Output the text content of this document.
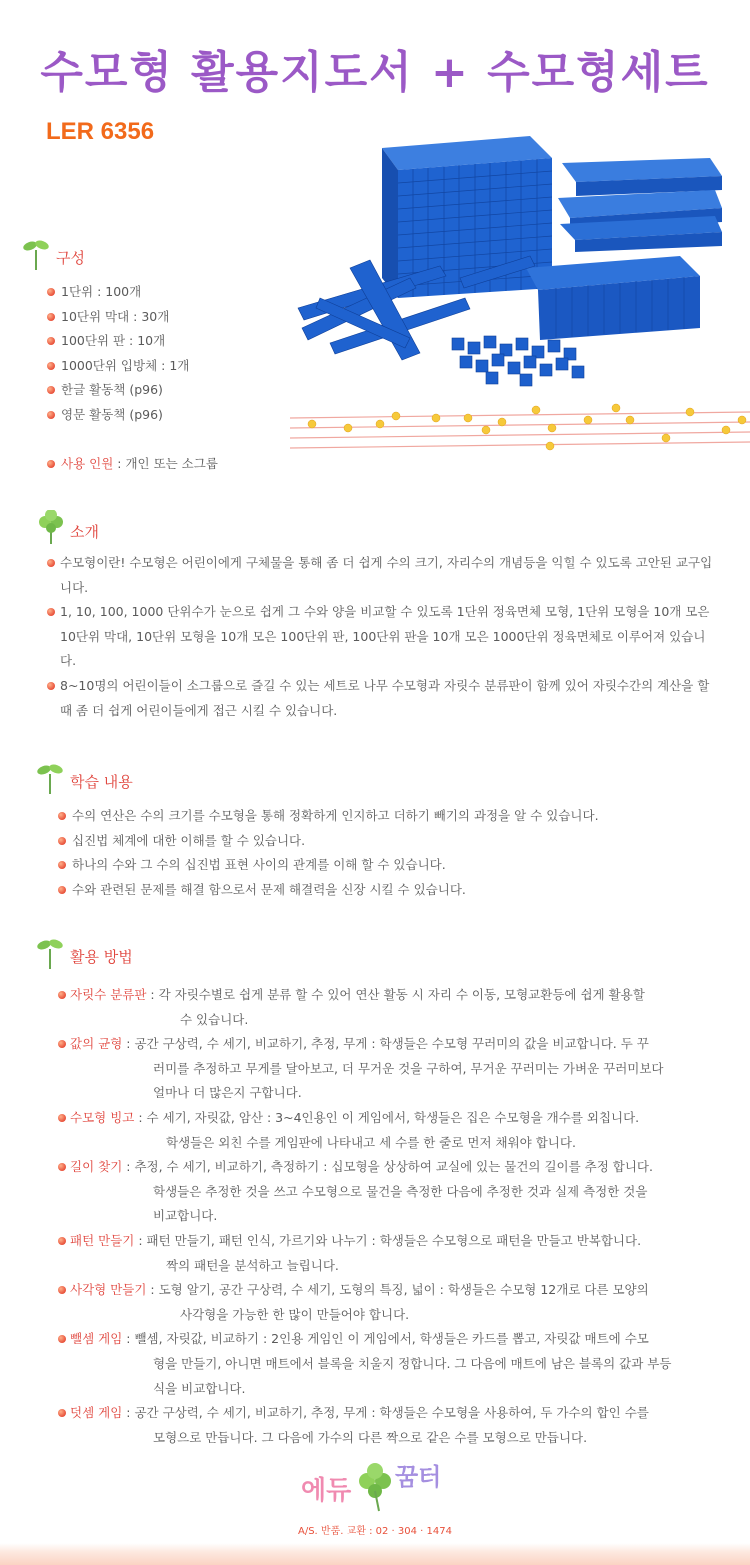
수모형 활용지도서 + 수모형세트
LER 6356
구성
1단위 : 100개
10단위 막대 : 30개
100단위 판 : 10개
1000단위 입방체 : 1개
한글 활동책 (p96)
영문 활동책 (p96)
사용 인원 : 개인 또는 소그룹
소개
수모형이란! 수모형은 어린이에게 구체물을 통해 좀 더 쉽게 수의 크기, 자리수의 개념등을 익힐 수 있도록 고안된 교구입니다.
1, 10, 100, 1000 단위수가 눈으로 쉽게 그 수와 양을 비교할 수 있도록 1단위 정육면체 모형, 1단위 모형을 10개 모은 10단위 막대, 10단위 모형을 10개 모은 100단위 판, 100단위 판을 10개 모은 1000단위 정육면체로 이루어져 있습니다.
8~10명의 어린이들이 소그룹으로 즐길 수 있는 세트로 나무 수모형과 자릿수 분류판이 함께 있어 자릿수간의 계산을 할 때 좀 더 쉽게 어린이들에게 접근 시킬 수 있습니다.
학습 내용
수의 연산은 수의 크기를 수모형을 통해 정확하게 인지하고 더하기 빼기의 과정을 알 수 있습니다.
십진법 체계에 대한 이해를 할 수 있습니다.
하나의 수와 그 수의 십진법 표현 사이의 관계를 이해 할 수 있습니다.
수와 관련된 문제를 해결 함으로서 문제 해결력을 신장 시킬 수 있습니다.
활용 방법
자릿수 분류판 : 각 자릿수별로 쉽게 분류 할 수 있어 연산 활동 시 자리 수 이동, 모형교환등에 쉽게 활용할
수 있습니다.
값의 균형 : 공간 구상력, 수 세기, 비교하기, 추정, 무게 : 학생들은 수모형 꾸러미의 값을 비교합니다. 두 꾸
러미를 추정하고 무게를 달아보고, 더 무거운 것을 구하여, 무거운 꾸러미는 가벼운 꾸러미보다
얼마나 더 많은지 구합니다.
수모형 빙고 : 수 세기, 자릿값, 암산 : 3~4인용인 이 게임에서, 학생들은 집은 수모형을 개수를 외칩니다.
학생들은 외친 수를 게임판에 나타내고 세 수를 한 줄로 먼저 채워야 합니다.
길이 찾기 : 추정, 수 세기, 비교하기, 측정하기 : 십모형을 상상하여 교실에 있는 물건의 길이를 추정 합니다.
학생들은 추정한 것을 쓰고 수모형으로 물건을 측정한 다음에 추정한 것과 실제 측정한 것을
비교합니다.
패턴 만들기 : 패턴 만들기, 패턴 인식, 가르기와 나누기 : 학생들은 수모형으로 패턴을 만들고 반복합니다.
짝의 패턴을 분석하고 늘립니다.
사각형 만들기 : 도형 알기, 공간 구상력, 수 세기, 도형의 특징, 넓이 : 학생들은 수모형 12개로 다른 모양의
사각형을 가능한 한 많이 만들어야 합니다.
뺄셈 게임 : 뺄셈, 자릿값, 비교하기 : 2인용 게임인 이 게임에서, 학생들은 카드를 뽑고, 자릿값 매트에 수모
형을 만들기, 아니면 매트에서 블록을 치울지 정합니다. 그 다음에 매트에 남은 블록의 값과 부등
식을 비교합니다.
덧셈 게임 : 공간 구상력, 수 세기, 비교하기, 추정, 무게 : 학생들은 수모형을 사용하여, 두 가수의 합인 수를
모형으로 만듭니다. 그 다음에 가수의 다른 짝으로 같은 수를 모형으로 만듭니다.
에듀 꿈터
A/S. 반품. 교환 : 02 · 304 · 1474
